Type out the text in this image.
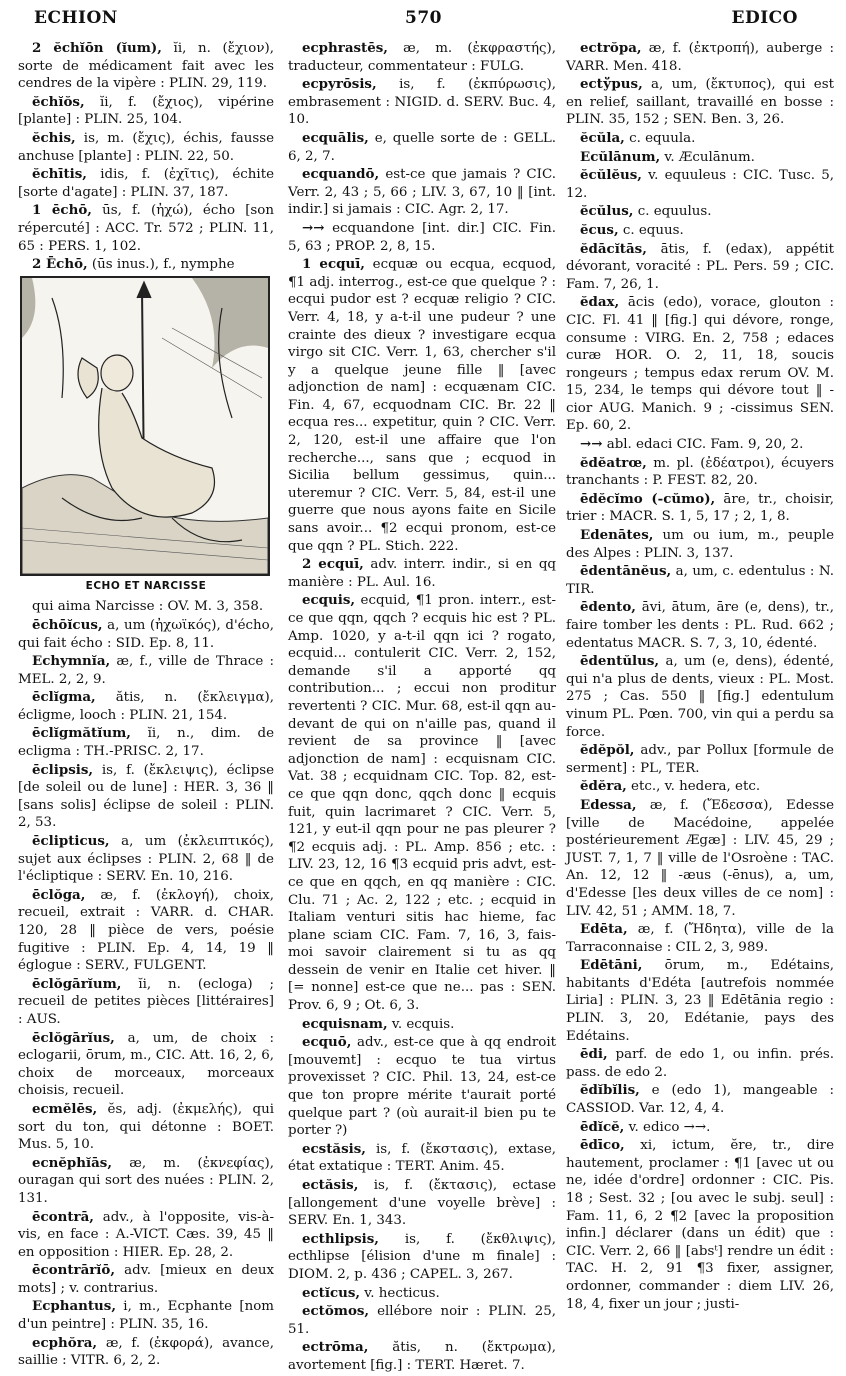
ECHION	570	EDICO

2 ĕchĭōn (ĭum), ĭi, n. (ἔχιον), sorte de médicament fait avec les cendres de la vipère : PLIN. 29, 119.

ĕchĭŏs, ĭi, f. (ἔχιος), vipérine [plante] : PLIN. 25, 104.

ĕchis, is, m. (ἔχις), échis, fausse anchuse [plante] : PLIN. 22, 50.

ĕchītis, idis, f. (ἐχῖτις), échite [sorte d'agate] : PLIN. 37, 187.

1 ēchō, ūs, f. (ἠχώ), écho [son répercuté] : ACC. Tr. 572 ; PLIN. 11, 65 : PERS. 1, 102.

2 Ēchō, (ūs inus.), f., nymphe

ECHO ET NARCISSE

qui aima Narcisse : OV. M. 3, 358.

ēchōĭcus, a, um (ἠχωϊκός), d'écho, qui fait écho : SID. Ep. 8, 11.

Echymnĭa, æ, f., ville de Thrace : MEL. 2, 2, 9.

ēclĭgma, ătis, n. (ἔκλειγμα), écligme, looch : PLIN. 21, 154.

ēclĭgmătĭum, ĭi, n., dim. de ecligma : TH.-PRISC. 2, 17.

ēclipsis, is, f. (ἔκλειψις), éclipse [de soleil ou de lune] : HER. 3, 36 ‖ [sans solis] éclipse de soleil : PLIN. 2, 53.

ēclipticus, a, um (ἐκλειπτικός), sujet aux éclipses : PLIN. 2, 68 ‖ de l'écliptique : SERV. En. 10, 216.

ēclŏga, æ, f. (ἐκλογή), choix, recueil, extrait : VARR. d. CHAR. 120, 28 ‖ pièce de vers, poésie fugitive : PLIN. Ep. 4, 14, 19 ‖ églogue : SERV., FULGENT.

ēclŏgārĭum, ĭi, n. (ecloga) ; recueil de petites pièces [littéraires] : AUS.

ēclŏgārĭus, a, um, de choix : eclogarii, ōrum, m., CIC. Att. 16, 2, 6, choix de morceaux, morceaux choisis, recueil.

ecmĕlēs, ĕs, adj. (ἐκμελής), qui sort du ton, qui détonne : BOET. Mus. 5, 10.

ecnĕphĭās, æ, m. (ἐκνεφίας), ouragan qui sort des nuées : PLIN. 2, 131.

ēcontrā, adv., à l'opposite, vis-à-vis, en face : A.-VICT. Cæs. 39, 45 ‖ en opposition : HIER. Ep. 28, 2.

ēcontrārĭō, adv. [mieux en deux mots] ; v. contrarius.

Ecphantus, i, m., Ecphante [nom d'un peintre] : PLIN. 35, 16.

ecphŏra, æ, f. (ἐκφορά), avance, saillie : VITR. 6, 2, 2.

ecphrastēs, æ, m. (ἐκφραστής), traducteur, commentateur : FULG.

ecpyrōsis, is, f. (ἐκπύρωσις), embrasement : NIGID. d. SERV. Buc. 4, 10.

ecquālis, e, quelle sorte de : GELL. 6, 2, 7.

ecquandō, est-ce que jamais ? CIC. Verr. 2, 43 ; 5, 66 ; LIV. 3, 67, 10 ‖ [int. indir.] si jamais : CIC. Agr. 2, 17.

→→ ecquandone [int. dir.] CIC. Fin. 5, 63 ; PROP. 2, 8, 15.

1 ecquī, ecquæ ou ecqua, ecquod, ¶1 adj. interrog., est-ce que quelque ? : ecqui pudor est ? ecquæ religio ? CIC. Verr. 4, 18, y a-t-il une pudeur ? une crainte des dieux ? investigare ecqua virgo sit CIC. Verr. 1, 63, chercher s'il y a quelque jeune fille ‖ [avec adjonction de nam] : ecquænam CIC. Fin. 4, 67, ecquodnam CIC. Br. 22 ‖ ecqua res... expetitur, quin ? CIC. Verr. 2, 120, est-il une affaire que l'on recherche..., sans que ; ecquod in Sicilia bellum gessimus, quin... uteremur ? CIC. Verr. 5, 84, est-il une guerre que nous ayons faite en Sicile sans avoir... ¶2 ecqui pronom, est-ce que qqn ? PL. Stich. 222.

2 ecquī, adv. interr. indir., si en qq manière : PL. Aul. 16.

ecquis, ecquid, ¶1 pron. interr., est-ce que qqn, qqch ? ecquis hic est ? PL. Amp. 1020, y a-t-il qqn ici ? rogato, ecquid... contulerit CIC. Verr. 2, 152, demande s'il a apporté qq contribution... ; eccui non proditur revertenti ? CIC. Mur. 68, est-il qqn au-devant de qui on n'aille pas, quand il revient de sa province ‖ [avec adjonction de nam] : ecquisnam CIC. Vat. 38 ; ecquidnam CIC. Top. 82, est-ce que qqn donc, qqch donc ‖ ecquis fuit, quin lacrimaret ? CIC. Verr. 5, 121, y eut-il qqn pour ne pas pleurer ? ¶2 ecquis adj. : PL. Amp. 856 ; etc. : LIV. 23, 12, 16 ¶3 ecquid pris advt, est-ce que en qqch, en qq manière : CIC. Clu. 71 ; Ac. 2, 122 ; etc. ; ecquid in Italiam venturi sitis hac hieme, fac plane sciam CIC. Fam. 7, 16, 3, fais-moi savoir clairement si tu as qq dessein de venir en Italie cet hiver. ‖ [= nonne] est-ce que ne... pas : SEN. Prov. 6, 9 ; Ot. 6, 3.

ecquisnam, v. ecquis.

ecquō, adv., est-ce que à qq endroit [mouvemt] : ecquo te tua virtus provexisset ? CIC. Phil. 13, 24, est-ce que ton propre mérite t'aurait porté quelque part ? (où aurait-il bien pu te porter ?)

ecstăsis, is, f. (ἔκστασις), extase, état extatique : TERT. Anim. 45.

ectăsis, is, f. (ἔκτασις), ectase [allongement d'une voyelle brève] : SERV. En. 1, 343.

ecthlipsis, is, f. (ἔκθλιψις), ecthlipse [élision d'une m finale] : DIOM. 2, p. 436 ; CAPEL. 3, 267.

ectĭcus, v. hecticus.

ectŏmos, ellébore noir : PLIN. 25, 51.

ectrōma, ătis, n. (ἔκτρωμα), avortement [fig.] : TERT. Hæret. 7.

ectrŏpa, æ, f. (ἐκτροπή), auberge : VARR. Men. 418.

ectўpus, a, um, (ἔκτυπος), qui est en relief, saillant, travaillé en bosse : PLIN. 35, 152 ; SEN. Ben. 3, 26.

ĕcŭla, c. equula.

Ecŭlānum, v. Æculānum.

ĕcŭlĕus, v. equuleus : CIC. Tusc. 5, 12.

ĕcŭlus, c. equulus.

ĕcus, c. equus.

ĕdācĭtās, ātis, f. (edax), appétit dévorant, voracité : PL. Pers. 59 ; CIC. Fam. 7, 26, 1.

ĕdax, ācis (edo), vorace, glouton : CIC. Fl. 41 ‖ [fig.] qui dévore, ronge, consume : VIRG. En. 2, 758 ; edaces curæ HOR. O. 2, 11, 18, soucis rongeurs ; tempus edax rerum OV. M. 15, 234, le temps qui dévore tout ‖ -cior AUG. Manich. 9 ; -cissimus SEN. Ep. 60, 2.

→→ abl. edaci CIC. Fam. 9, 20, 2.

ĕdĕatrœ, m. pl. (ἐδέατροι), écuyers tranchants : P. FEST. 82, 20.

ēdĕcĭmo (-cŭmo), āre, tr., choisir, trier : MACR. S. 1, 5, 17 ; 2, 1, 8.

Edenātes, um ou ium, m., peuple des Alpes : PLIN. 3, 137.

ēdentānĕus, a, um, c. edentulus : N. TIR.

ēdento, āvi, ātum, āre (e, dens), tr., faire tomber les dents : PL. Rud. 662 ; edentatus MACR. S. 7, 3, 10, édenté.

ēdentŭlus, a, um (e, dens), édenté, qui n'a plus de dents, vieux : PL. Most. 275 ; Cas. 550 ‖ [fig.] edentulum vinum PL. Pœn. 700, vin qui a perdu sa force.

ĕdĕpŏl, adv., par Pollux [formule de serment] : PL, TER.

ĕdĕra, etc., v. hedera, etc.

Edessa, æ, f. (Ἔδεσσα), Edesse [ville de Macédoine, appelée postérieurement Ægæ] : LIV. 45, 29 ; JUST. 7, 1, 7 ‖ ville de l'Osroène : TAC. An. 12, 12 ‖ -æus (-ēnus), a, um, d'Edesse [les deux villes de ce nom] : LIV. 42, 51 ; AMM. 18, 7.

Edēta, æ, f. (Ἤδητα), ville de la Tarraconnaise : CIL 2, 3, 989.

Edētāni, ōrum, m., Edétains, habitants d'Edéta [autrefois nommée Liria] : PLIN. 3, 23 ‖ Edētānia regio : PLIN. 3, 20, Edétanie, pays des Edétains.

ēdi, parf. de edo 1, ou infin. prés. pass. de edo 2.

ĕdĭbĭlis, e (edo 1), mangeable : CASSIOD. Var. 12, 4, 4.

ēdĭcĕ, v. edico →→.

ēdīco, xi, ictum, ĕre, tr., dire hautement, proclamer : ¶1 [avec ut ou ne, idée d'ordre] ordonner : CIC. Pis. 18 ; Sest. 32 ; [ou avec le subj. seul] : Fam. 11, 6, 2 ¶2 [avec la proposition infin.] déclarer (dans un édit) que : CIC. Verr. 2, 66 ‖ [absᵗ] rendre un édit : TAC. H. 2, 91 ¶3 fixer, assigner, ordonner, commander : diem LIV. 26, 18, 4, fixer un jour ; justi-
